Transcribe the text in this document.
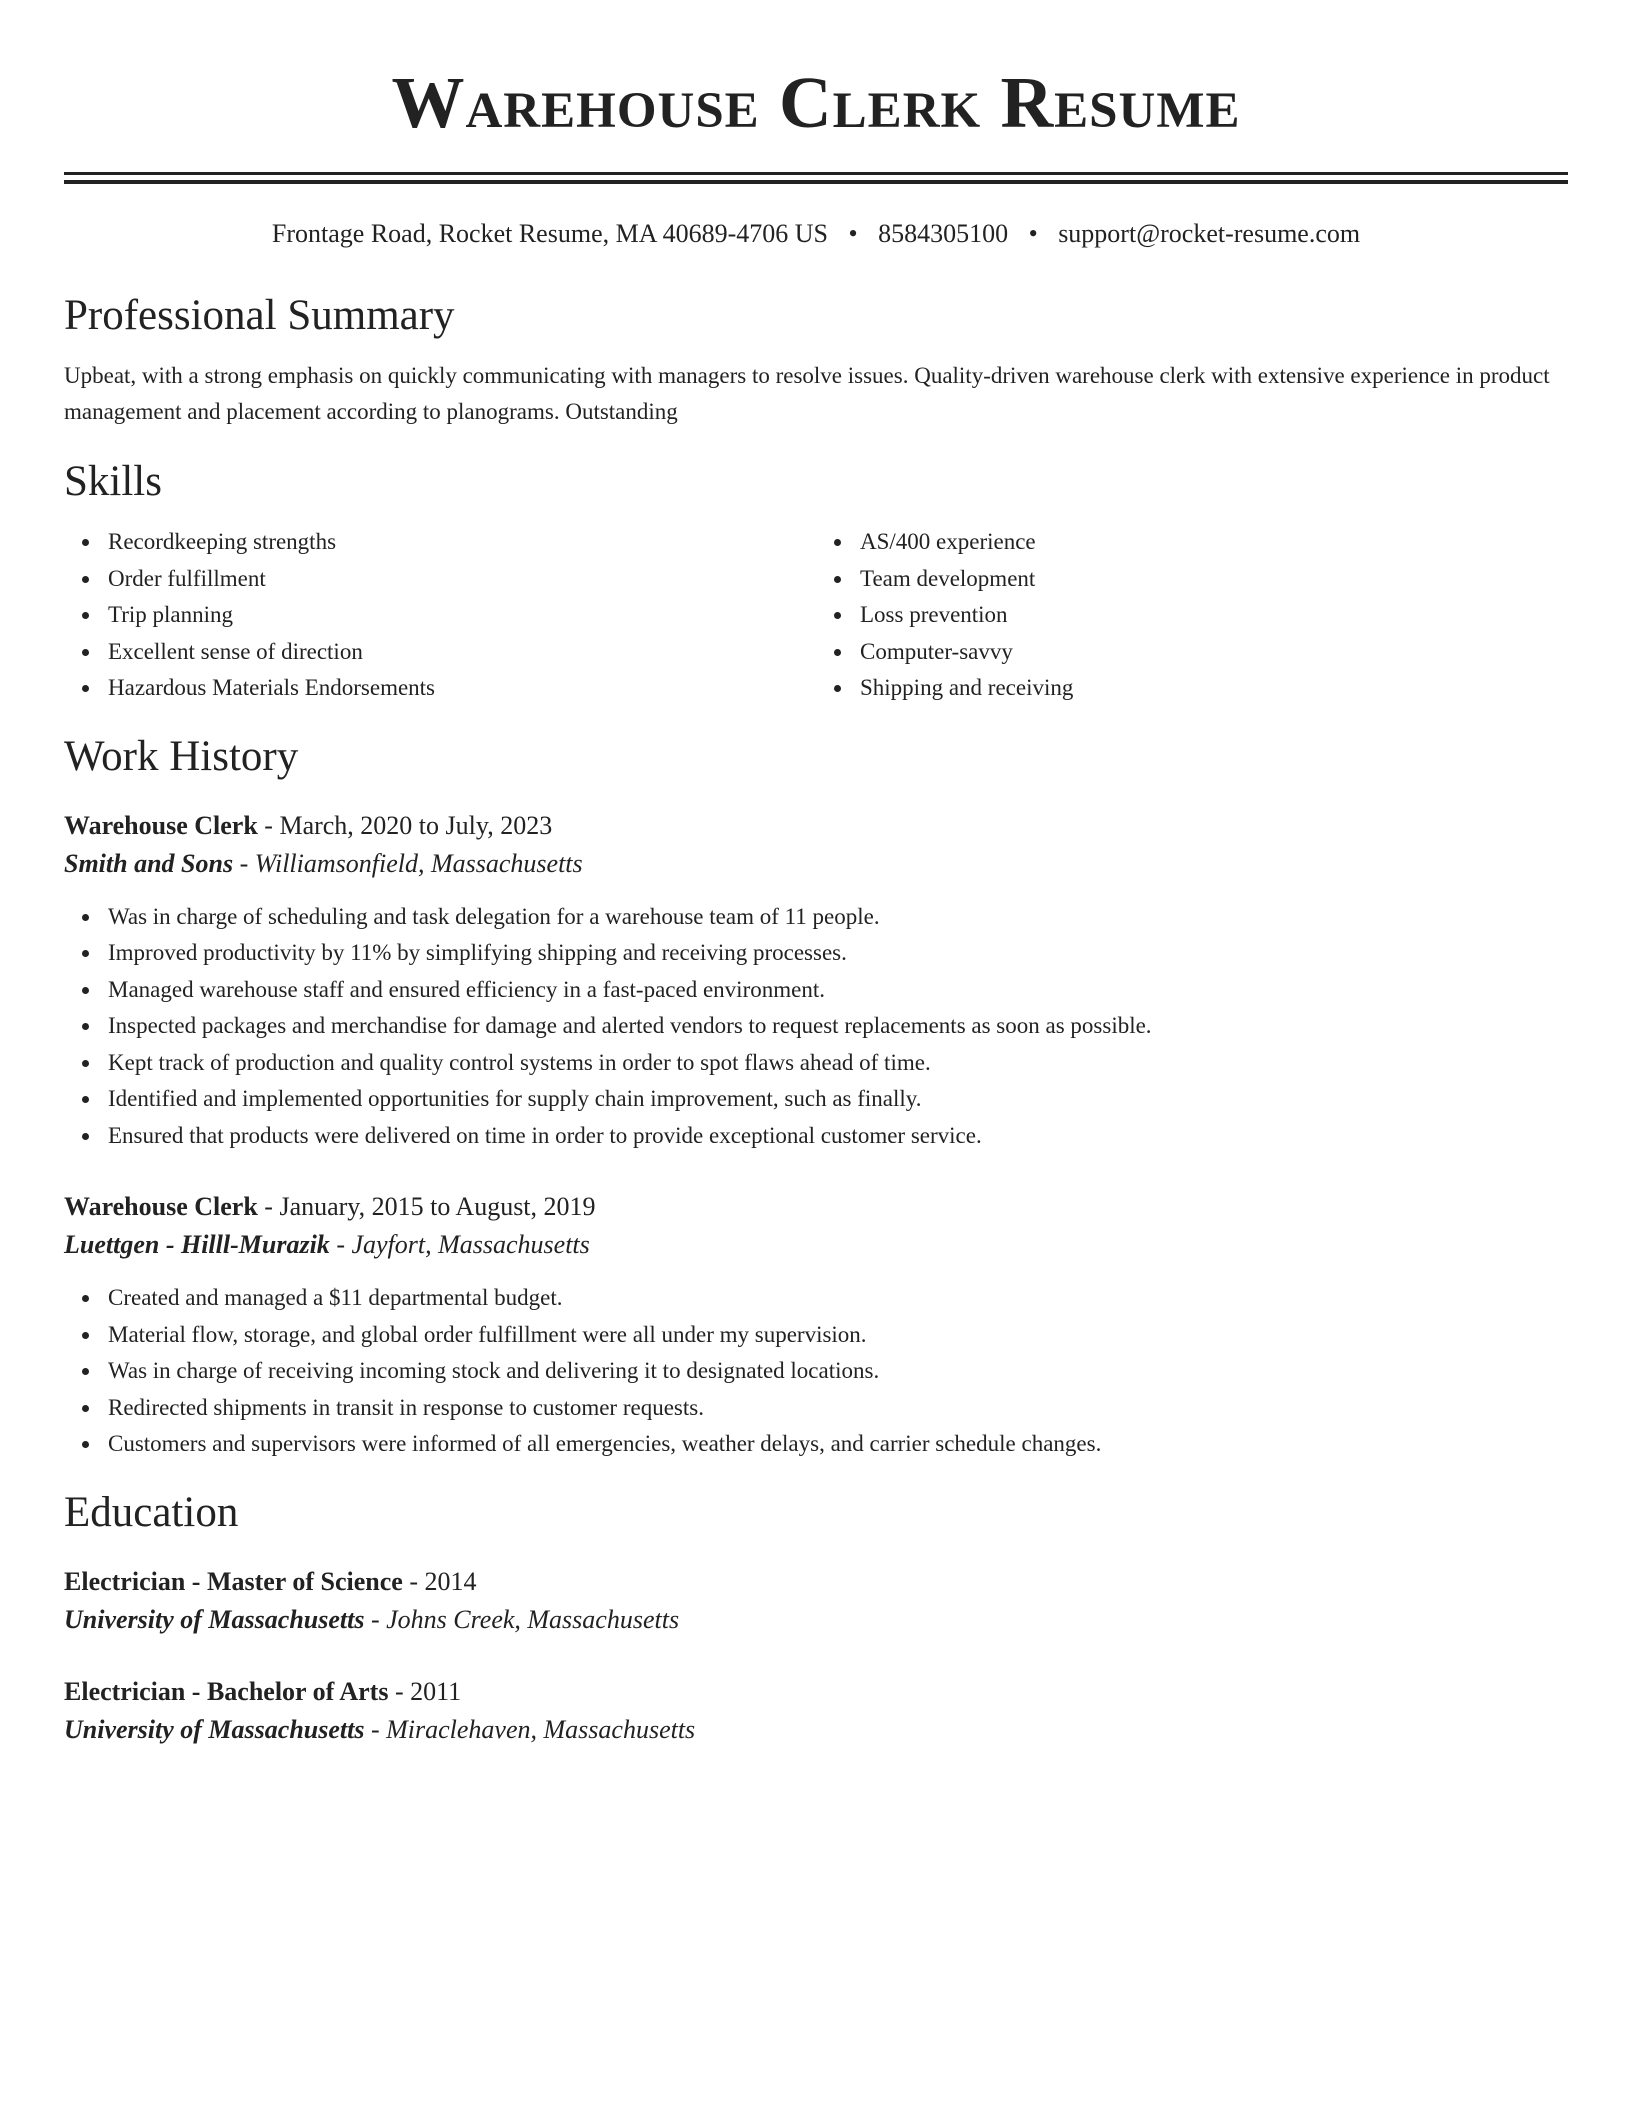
Warehouse Clerk Resume
Frontage Road, Rocket Resume, MA 40689-4706 US • 8584305100 • support@rocket-resume.com
Professional Summary
Upbeat, with a strong emphasis on quickly communicating with managers to resolve issues. Quality-driven warehouse clerk with extensive experience in product management and placement according to planograms. Outstanding
Skills
Recordkeeping strengths
Order fulfillment
Trip planning
Excellent sense of direction
Hazardous Materials Endorsements
AS/400 experience
Team development
Loss prevention
Computer-savvy
Shipping and receiving
Work History
Warehouse Clerk - March, 2020 to July, 2023
Smith and Sons - Williamsonfield, Massachusetts
Was in charge of scheduling and task delegation for a warehouse team of 11 people.
Improved productivity by 11% by simplifying shipping and receiving processes.
Managed warehouse staff and ensured efficiency in a fast-paced environment.
Inspected packages and merchandise for damage and alerted vendors to request replacements as soon as possible.
Kept track of production and quality control systems in order to spot flaws ahead of time.
Identified and implemented opportunities for supply chain improvement, such as finally.
Ensured that products were delivered on time in order to provide exceptional customer service.
Warehouse Clerk - January, 2015 to August, 2019
Luettgen - Hilll-Murazik - Jayfort, Massachusetts
Created and managed a $11 departmental budget.
Material flow, storage, and global order fulfillment were all under my supervision.
Was in charge of receiving incoming stock and delivering it to designated locations.
Redirected shipments in transit in response to customer requests.
Customers and supervisors were informed of all emergencies, weather delays, and carrier schedule changes.
Education
Electrician - Master of Science - 2014
University of Massachusetts - Johns Creek, Massachusetts
Electrician - Bachelor of Arts - 2011
University of Massachusetts - Miraclehaven, Massachusetts
